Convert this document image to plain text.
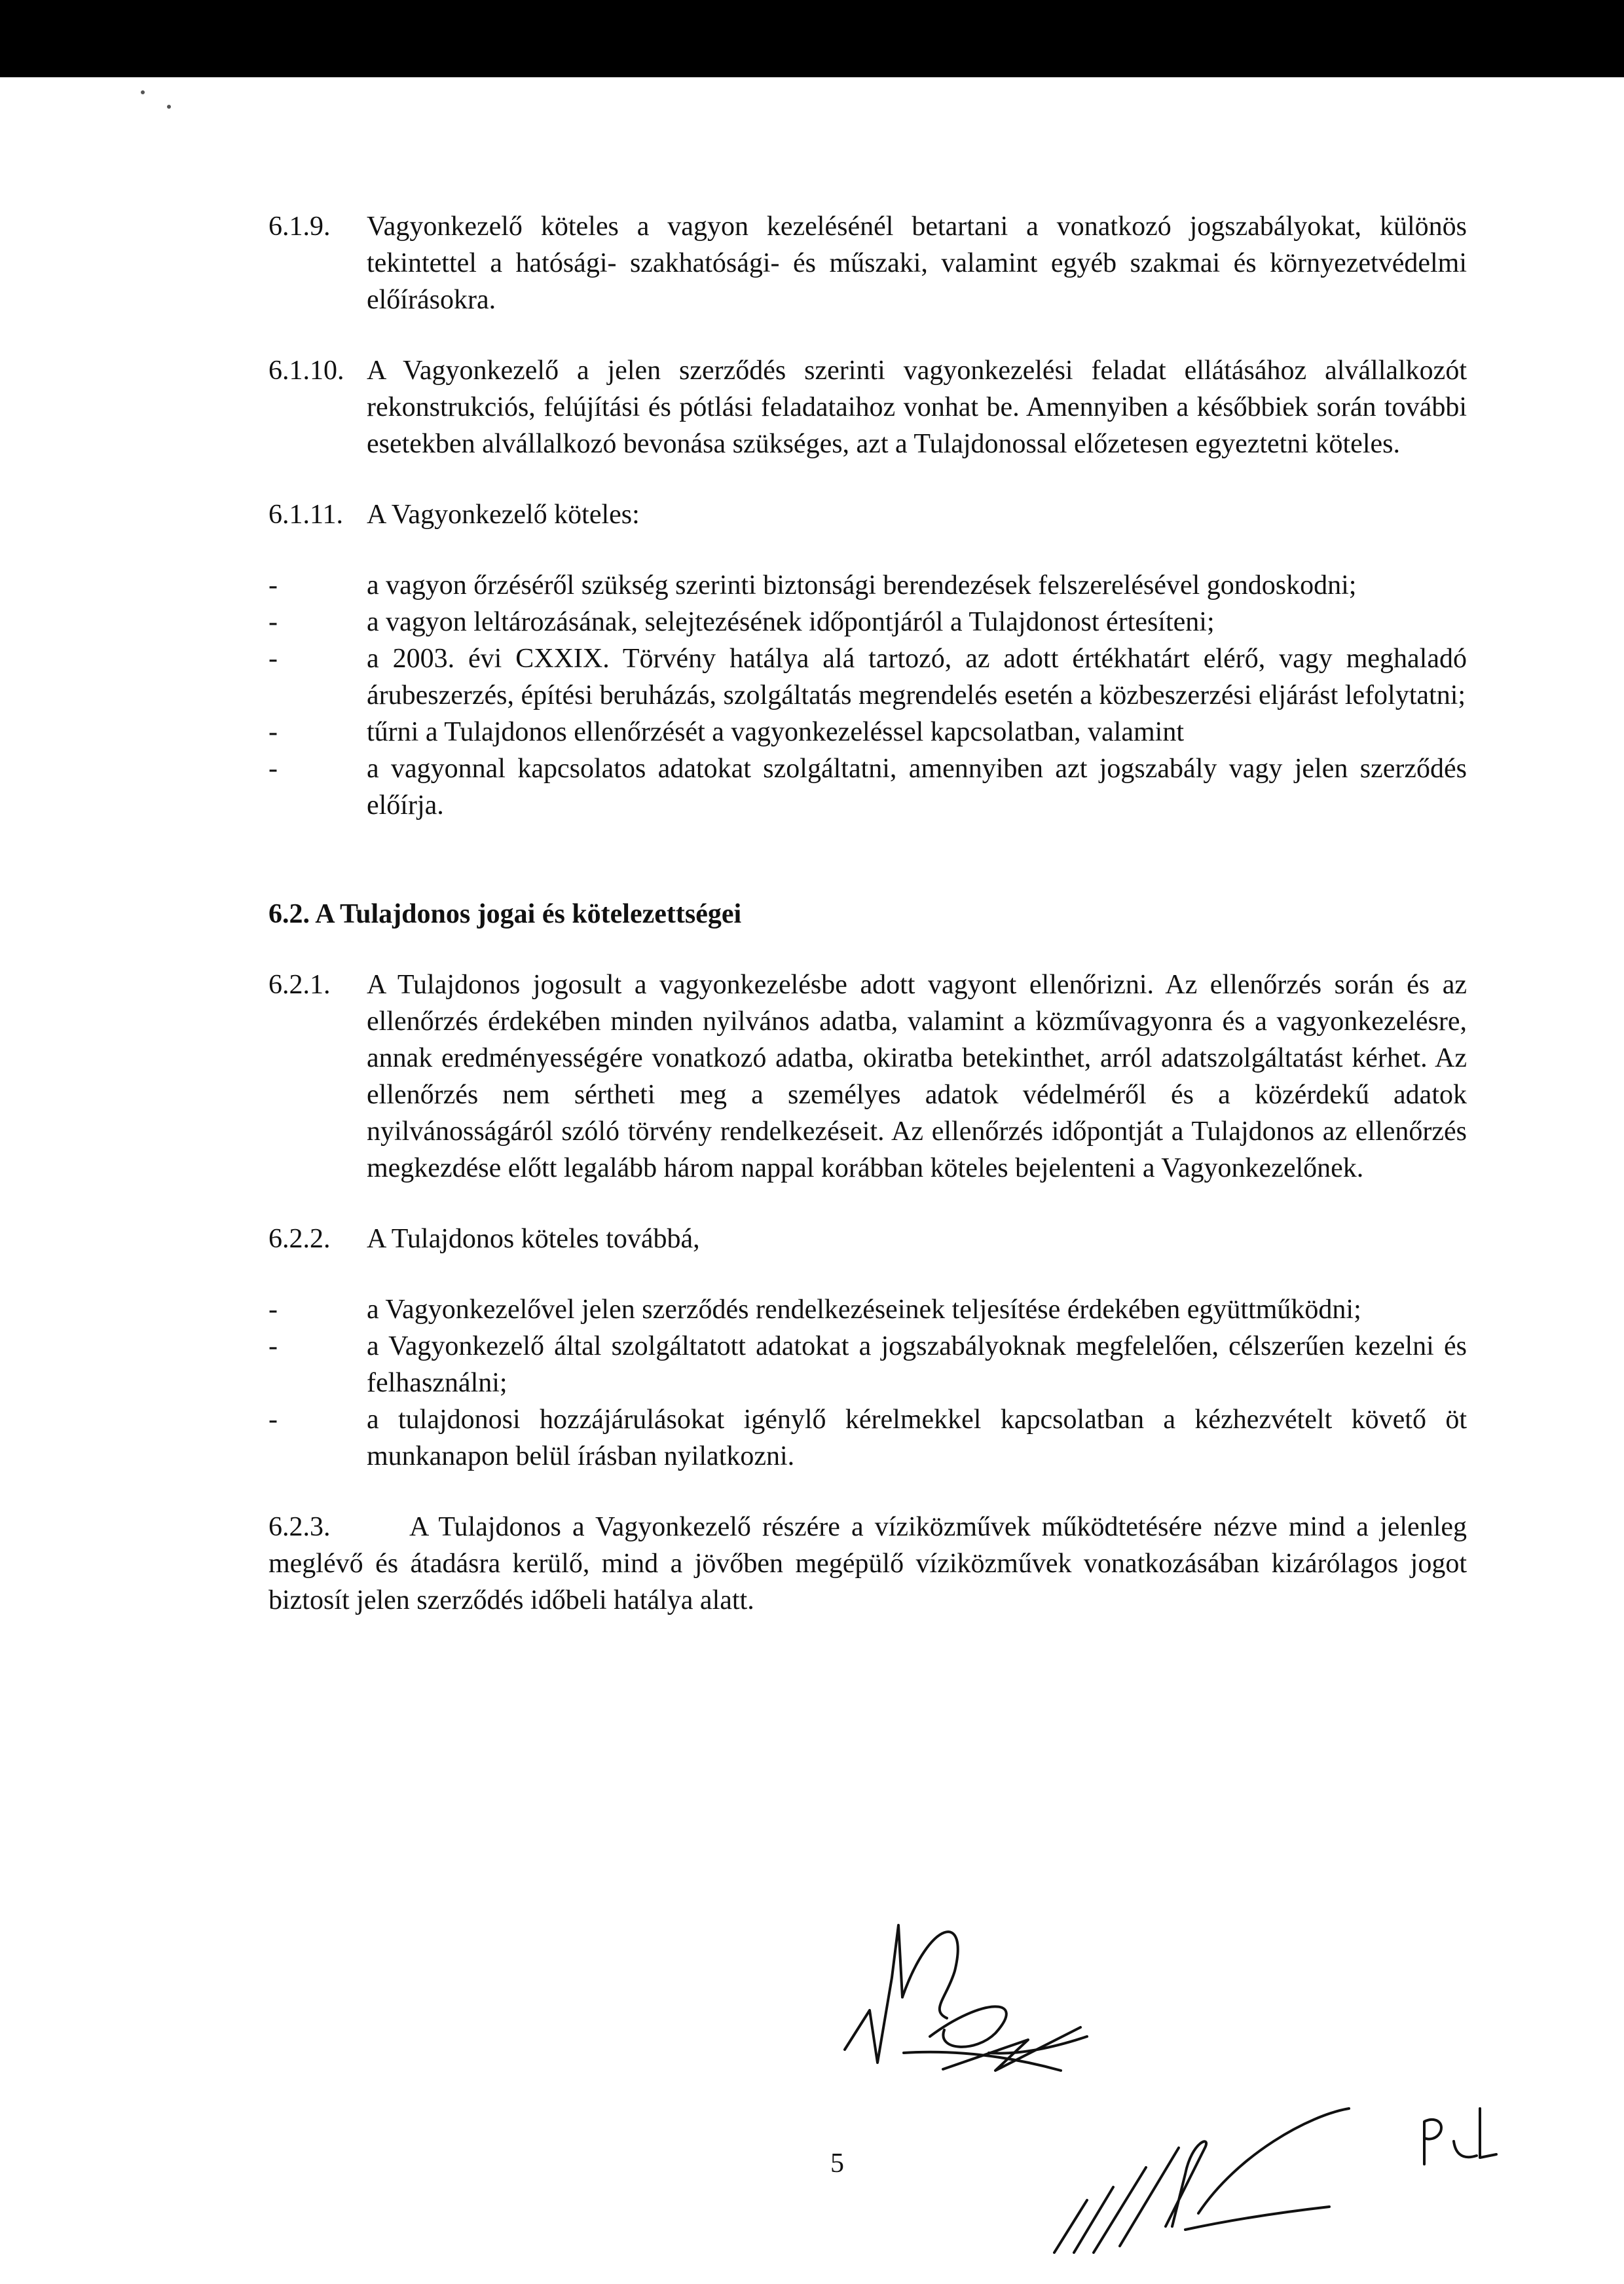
6.1.9. Vagyonkezelő köteles a vagyon kezelésénél betartani a vonatkozó jogszabályokat, különös tekintettel a hatósági- szakhatósági- és műszaki, valamint egyéb szakmai és környezetvédelmi előírásokra.
6.1.10. A Vagyonkezelő a jelen szerződés szerinti vagyonkezelési feladat ellátásához alvállalkozót rekonstrukciós, felújítási és pótlási feladataihoz vonhat be. Amennyiben a későbbiek során további esetekben alvállalkozó bevonása szükséges, azt a Tulajdonossal előzetesen egyeztetni köteles.
6.1.11. A Vagyonkezelő köteles:
-	a vagyon őrzéséről szükség szerinti biztonsági berendezések felszerelésével gondoskodni;
-	a vagyon leltározásának, selejtezésének időpontjáról a Tulajdonost értesíteni;
-	a 2003. évi CXXIX. Törvény hatálya alá tartozó, az adott értékhatárt elérő, vagy meghaladó árubeszerzés, építési beruházás, szolgáltatás megrendelés esetén a közbeszerzési eljárást lefolytatni;
-	tűrni a Tulajdonos ellenőrzését a vagyonkezeléssel kapcsolatban, valamint
-	a vagyonnal kapcsolatos adatokat szolgáltatni, amennyiben azt jogszabály vagy jelen szerződés előírja.
6.2. A Tulajdonos jogai és kötelezettségei
6.2.1. A Tulajdonos jogosult a vagyonkezelésbe adott vagyont ellenőrizni. Az ellenőrzés során és az ellenőrzés érdekében minden nyilvános adatba, valamint a közművagyonra és a vagyonkezelésre, annak eredményességére vonatkozó adatba, okiratba betekinthet, arról adatszolgáltatást kérhet. Az ellenőrzés nem sértheti meg a személyes adatok védelméről és a közérdekű adatok nyilvánosságáról szóló törvény rendelkezéseit. Az ellenőrzés időpontját a Tulajdonos az ellenőrzés megkezdése előtt legalább három nappal korábban köteles bejelenteni a Vagyonkezelőnek.
6.2.2. A Tulajdonos köteles továbbá,
-	a Vagyonkezelővel jelen szerződés rendelkezéseinek teljesítése érdekében együttműködni;
-	a Vagyonkezelő által szolgáltatott adatokat a jogszabályoknak megfelelően, célszerűen kezelni és felhasználni;
-	a tulajdonosi hozzájárulásokat igénylő kérelmekkel kapcsolatban a kézhezvételt követő öt munkanapon belül írásban nyilatkozni.
6.2.3.	A Tulajdonos a Vagyonkezelő részére a víziközművek működtetésére nézve mind a jelenleg meglévő és átadásra kerülő, mind a jövőben megépülő víziközművek vonatkozásában kizárólagos jogot biztosít jelen szerződés időbeli hatálya alatt.

5
